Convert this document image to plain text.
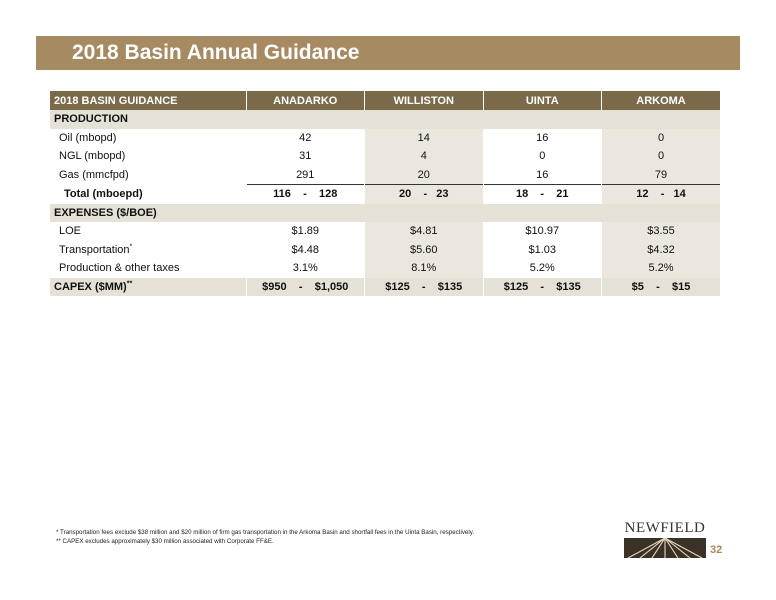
2018 Basin Annual Guidance
2018 BASIN GUIDANCE	ANADARKO	WILLISTON	UINTA	ARKOMA
PRODUCTION				
Oil (mbopd)	42	14	16	0
NGL (mbopd)	31	4	0	0
Gas (mmcfpd)	291	20	16	79
Total (mboepd)	116    -    128	20    -   23	18    -    21	12    -   14
EXPENSES ($/BOE)				
LOE	$1.89	$4.81	$10.97	$3.55
Transportation*	$4.48	$5.60	$1.03	$4.32
Production & other taxes	3.1%	8.1%	5.2%	5.2%
CAPEX ($MM)**	$950    -    $1,050	$125    -    $135	$125    -    $135	$5    -    $15
* Transportation fees exclude $38 million and $20 million of firm gas transportation in the Arkoma Basin and shortfall fees in the Uinta Basin, respectively.
** CAPEX excludes approximately $30 million associated with Corporate FF&E.
NEWFIELD
32
